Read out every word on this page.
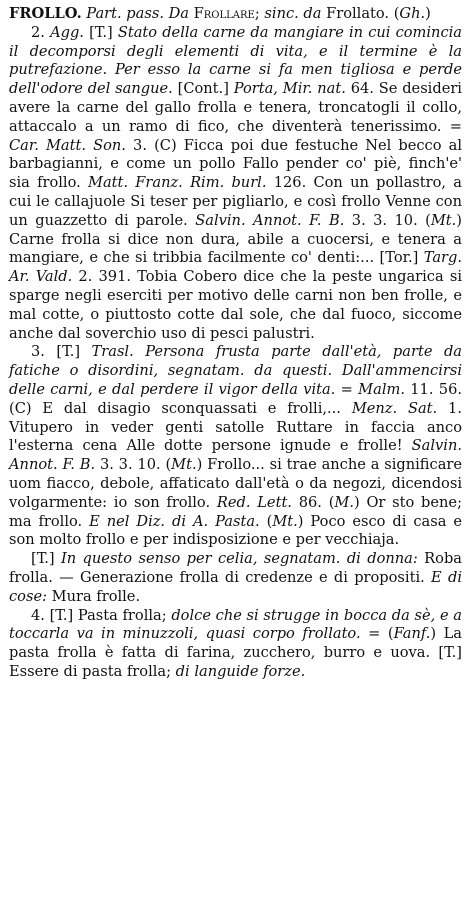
FROLLO. Part. pass. Da Frollare; sinc. da Frollato. (Gh.)

2. Agg. [T.] Stato della carne da mangiare in cui comincia il decomporsi degli elementi di vita, e il termine è la putrefazione. Per esso la carne si fa men tigliosa e perde dell'odore del sangue. [Cont.] Porta, Mir. nat. 64. Se desideri avere la carne del gallo frolla e tenera, troncatogli il collo, attaccalo a un ramo di fico, che diventerà tenerissimo. = Car. Matt. Son. 3. (C) Ficca poi due festuche Nel becco al barbagianni, e come un pollo Fallo pender co' piè, finch'e' sia frollo. Matt. Franz. Rim. burl. 126. Con un pollastro, a cui le callajuole Si teser per pigliarlo, e così frollo Venne con un guazzetto di parole. Salvin. Annot. F. B. 3. 3. 10. (Mt.) Carne frolla si dice non dura, abile a cuocersi, e tenera a mangiare, e che si tribbia facilmente co' denti:... [Tor.] Targ. Ar. Vald. 2. 391. Tobia Cobero dice che la peste ungarica si sparge negli eserciti per motivo delle carni non ben frolle, e mal cotte, o piuttosto cotte dal sole, che dal fuoco, siccome anche dal soverchio uso di pesci palustri.

3. [T.] Trasl. Persona frusta parte dall'età, parte da fatiche o disordini, segnatam. da questi. Dall'ammencirsi delle carni, e dal perdere il vigor della vita. = Malm. 11. 56. (C) E dal disagio sconquassati e frolli,... Menz. Sat. 1. Vitupero in veder genti satolle Ruttare in faccia anco l'esterna cena Alle dotte persone ignude e frolle! Salvin. Annot. F. B. 3. 3. 10. (Mt.) Frollo... si trae anche a significare uom fiacco, debole, affaticato dall'età o da negozi, dicendosi volgarmente: io son frollo. Red. Lett. 86. (M.) Or sto bene; ma frollo. E nel Diz. di A. Pasta. (Mt.) Poco esco di casa e son molto frollo e per indisposizione e per vecchiaja.

[T.] In questo senso per celia, segnatam. di donna: Roba frolla. — Generazione frolla di credenze e di propositi. E di cose: Mura frolle.

4. [T.] Pasta frolla; dolce che si strugge in bocca da sè, e a toccarla va in minuzzoli, quasi corpo frollato. = (Fanf.) La pasta frolla è fatta di farina, zucchero, burro e uova. [T.] Essere di pasta frolla; di languide forze.
